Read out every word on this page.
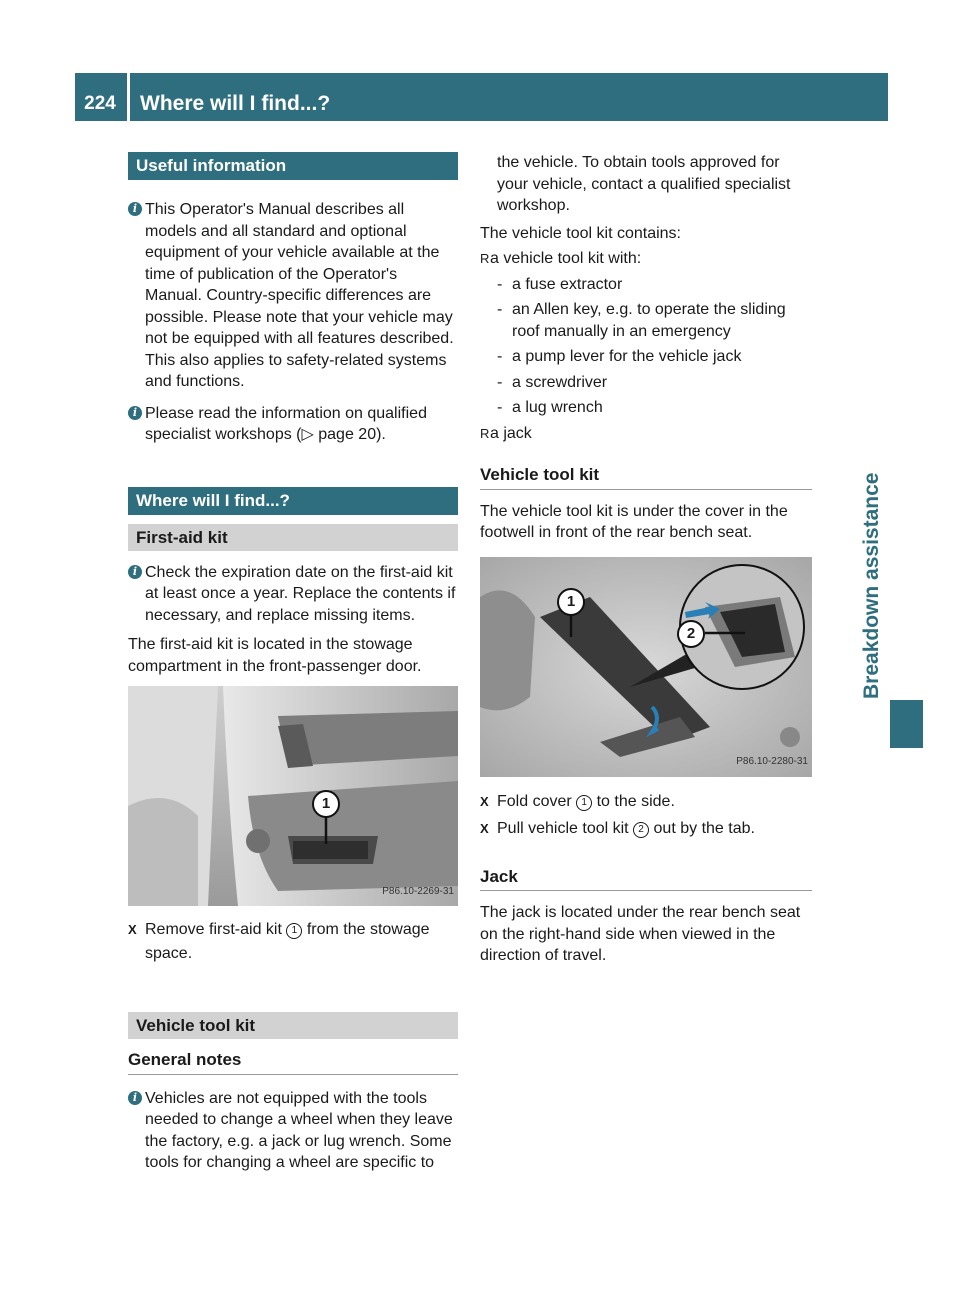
224	Where will I find...?
Breakdown assistance
Useful information
i This Operator's Manual describes all models and all standard and optional equipment of your vehicle available at the time of publication of the Operator's Manual. Country-specific differences are possible. Please note that your vehicle may not be equipped with all features described. This also applies to safety-related systems and functions.

i Please read the information on qualified specialist workshops (▷ page 20).

Where will I find...?
First-aid kit
i Check the expiration date on the first-aid kit at least once a year. Replace the contents if necessary, and replace missing items.

The first-aid kit is located in the stowage compartment in the front-passenger door.

1
P86.10-2269-31
X Remove first-aid kit 1 from the stowage space.
Vehicle tool kit
General notes
i Vehicles are not equipped with the tools needed to change a wheel when they leave the factory, e.g. a jack or lug wrench. Some tools for changing a wheel are specific to

the vehicle. To obtain tools approved for your vehicle, contact a qualified specialist workshop.

The vehicle tool kit contains:

R a vehicle tool kit with:
- a fuse extractor
- an Allen key, e.g. to operate the sliding roof manually in an emergency
- a pump lever for the vehicle jack
- a screwdriver
- a lug wrench
R a jack
Vehicle tool kit

The vehicle tool kit is under the cover in the footwell in front of the rear bench seat.

1
2
P86.10-2280-31
X Fold cover 1 to the side.
X Pull vehicle tool kit 2 out by the tab.
Jack

The jack is located under the rear bench seat on the right-hand side when viewed in the direction of travel.
